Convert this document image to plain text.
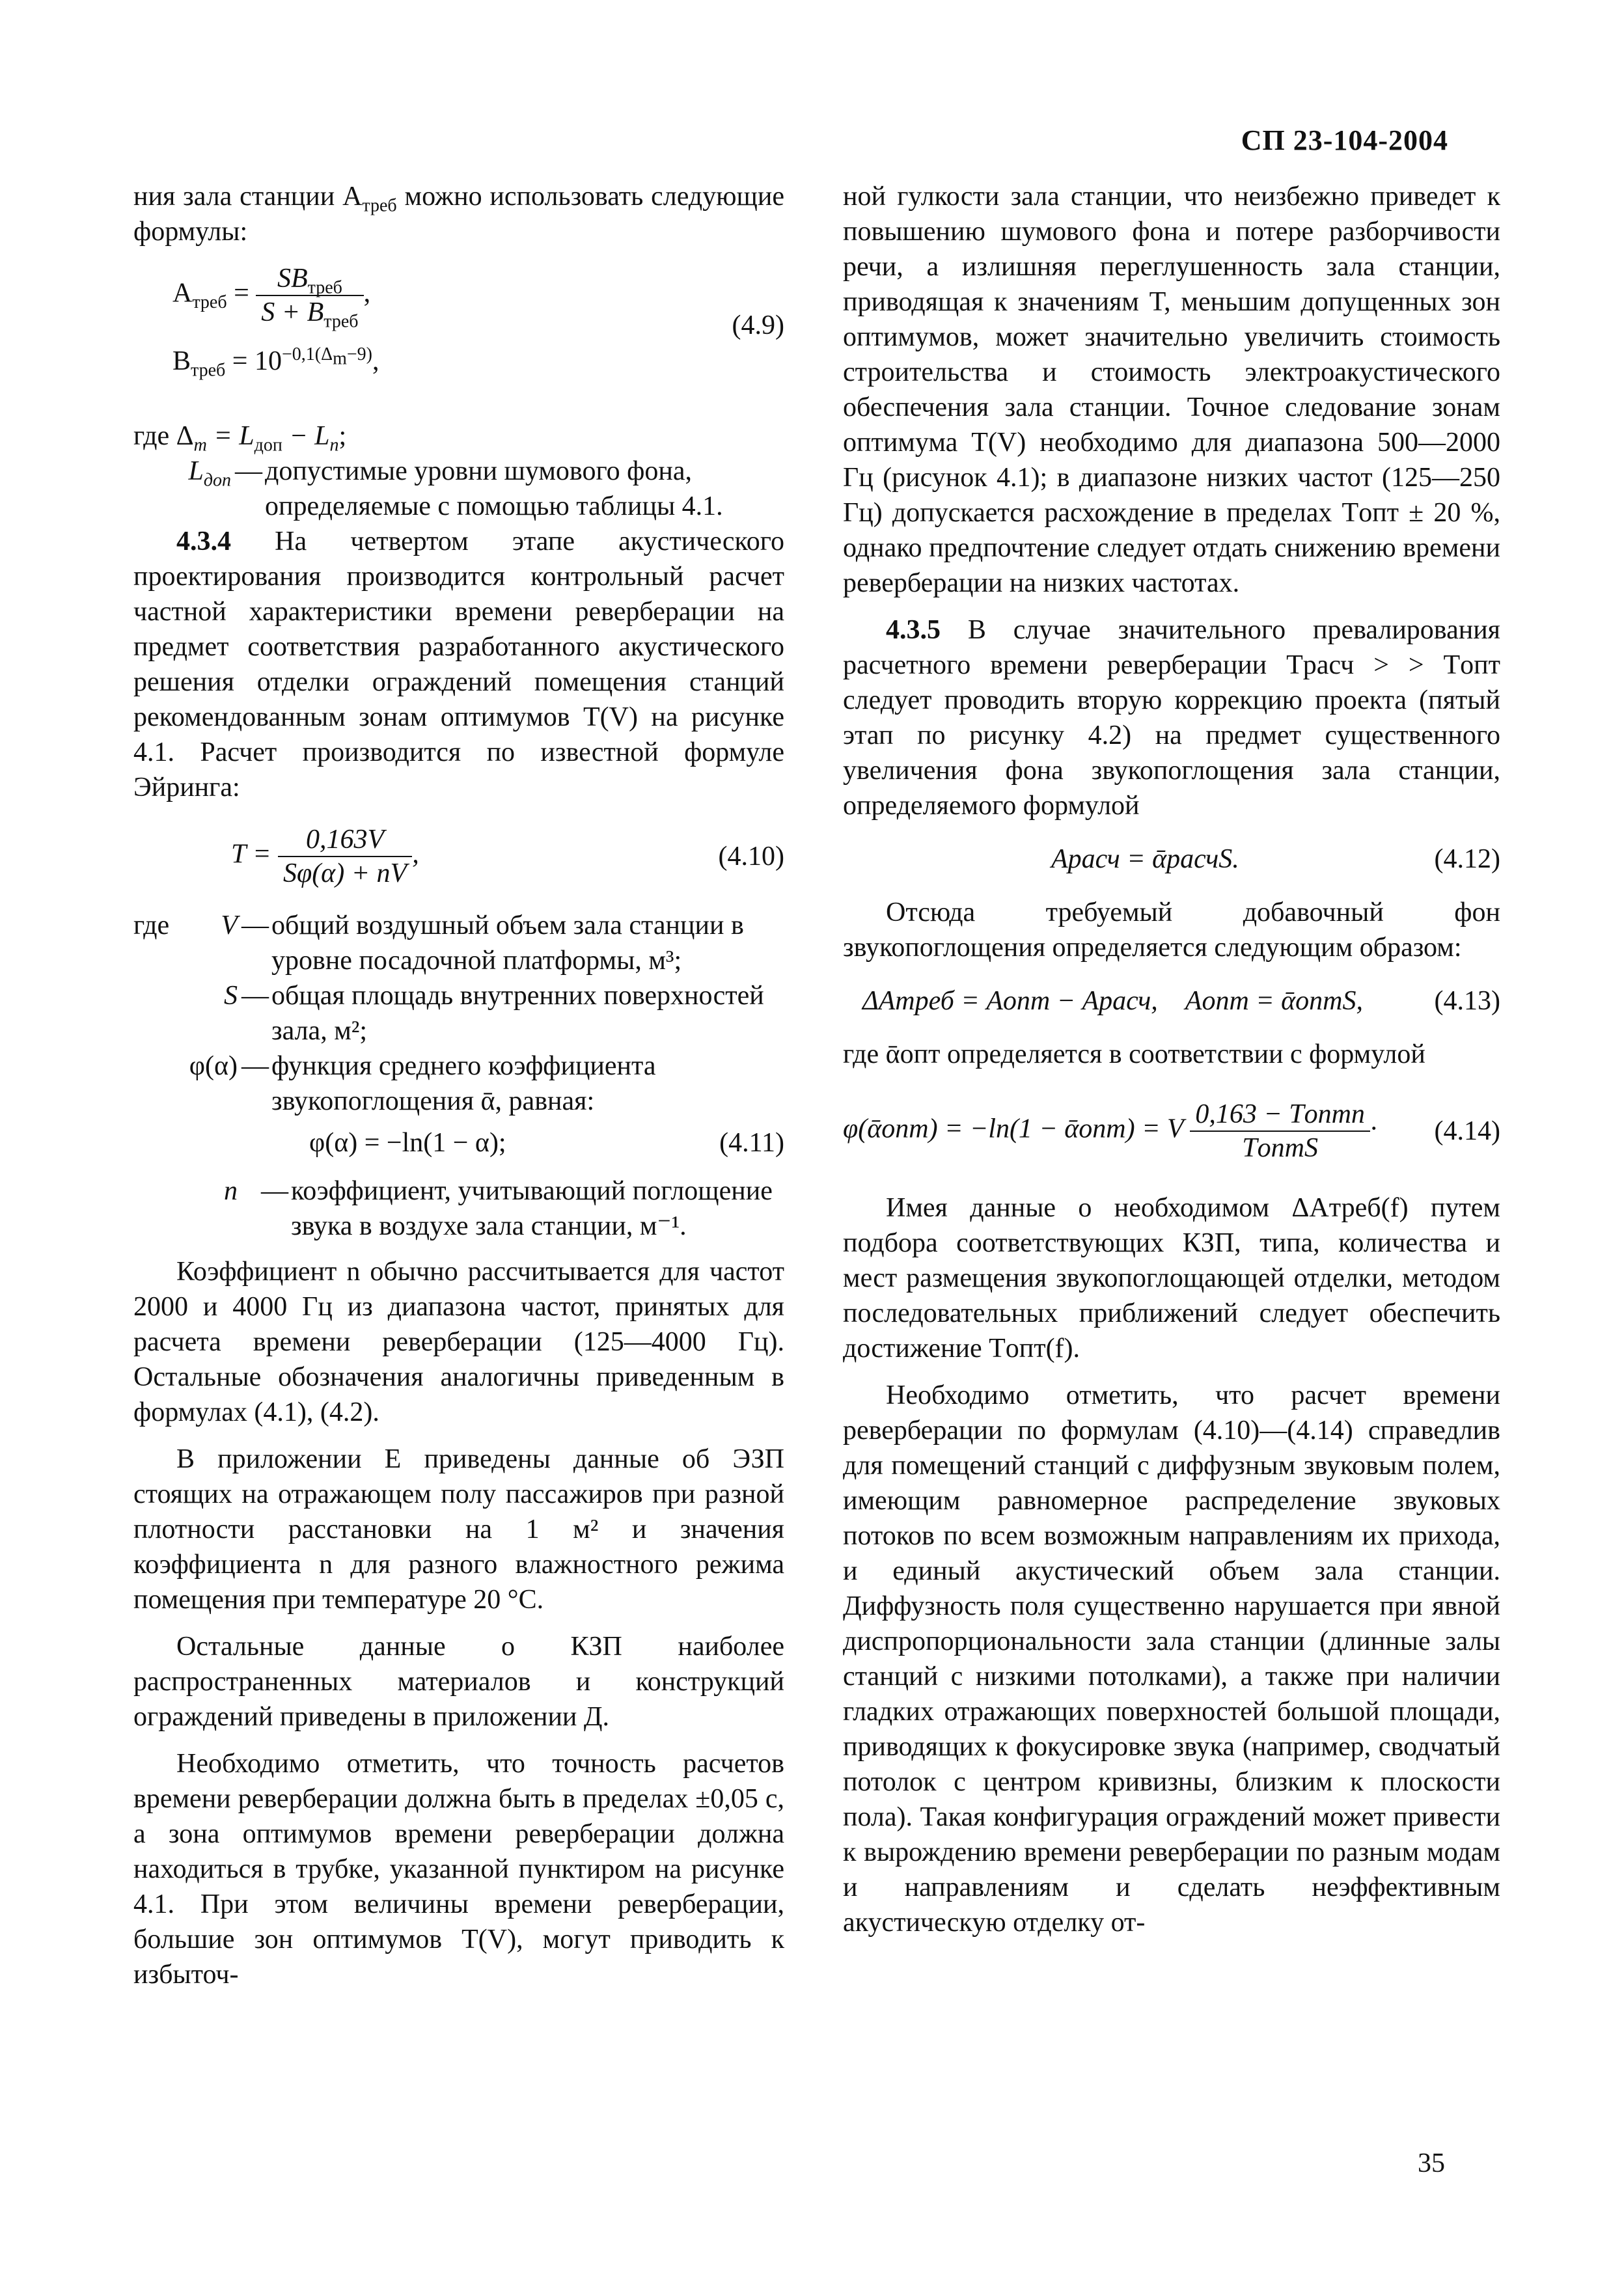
СП 23-104-2004

ния зала станции $А_{треб}$ можно использовать следующие формулы:

$А_{треб} = \frac{SВ_{треб}}{S + В_{треб}}$ ,
$В_{треб} = 10^{-0,1(\Delta_m-9)}$,
(4.9)

где $\Delta_m = L_{доп} - L_n$;

$L_{доп}$ — допустимые уровни шумового фона, определяемые с помощью таблицы 4.1.

4.3.4 На четвертом этапе акустического проектирования производится контрольный расчет частной характеристики времени реверберации на предмет соответствия разработанного акустического решения отделки ограждений помещения станций рекомендованным зонам оптимумов T(V) на рисунке 4.1. Расчет производится по известной формуле Эйринга:

$T = \frac{0,163V}{S\varphi(\alpha) + nV}$ ,	(4.10)
где	V — общий воздушный объем зала станции в уровне посадочной платформы, м³;
S — общая площадь внутренних поверхностей зала, м²;
φ(α) — функция среднего коэффициента звукопоглощения ᾱ, равная:
φ(α) = −ln(1 − α);	(4.11)
n — коэффициент, учитывающий поглощение звука в воздухе зала станции, м⁻¹.

Коэффициент n обычно рассчитывается для частот 2000 и 4000 Гц из диапазона частот, принятых для расчета времени реверберации (125—4000 Гц). Остальные обозначения аналогичны приведенным в формулах (4.1), (4.2).

В приложении Е приведены данные об ЭЗП стоящих на отражающем полу пассажиров при разной плотности расстановки на 1 м² и значения коэффициента n для разного влажностного режима помещения при температуре 20 °С.

Остальные данные о КЗП наиболее распространенных материалов и конструкций ограждений приведены в приложении Д.

Необходимо отметить, что точность расчетов времени реверберации должна быть в пределах ±0,05 с, а зона оптимумов времени реверберации должна находиться в трубке, указанной пунктиром на рисунке 4.1. При этом величины времени реверберации, большие зон оптимумов T(V), могут приводить к избыточ-

ной гулкости зала станции, что неизбежно приведет к повышению шумового фона и потере разборчивости речи, а излишняя переглушенность зала станции, приводящая к значениям T, меньшим допущенных зон оптимумов, может значительно увеличить стоимость строительства и стоимость электроакустического обеспечения зала станции. Точное следование зонам оптимума T(V) необходимо для диапазона 500—2000 Гц (рисунок 4.1); в диапазоне низких частот (125—250 Гц) допускается расхождение в пределах Tопт ± 20 %, однако предпочтение следует отдать снижению времени реверберации на низких частотах.

4.3.5 В случае значительного превалирования расчетного времени реверберации Tрасч > > Tопт следует проводить вторую коррекцию проекта (пятый этап по рисунку 4.2) на предмет существенного увеличения фона звукопоглощения зала станции, определяемого формулой

Aрасч = ᾱрасчS.	(4.12)

Отсюда требуемый добавочный фон звукопоглощения определяется следующим образом:

ΔAтреб = Aопт − Aрасч,    Aопт = ᾱоптS,	(4.13)

где ᾱопт определяется в соответствии с формулой

φ(ᾱопт) = −ln(1 − ᾱопт) = V $\frac{\text{0,163 − Tоптn}}{\text{TоптS}} \cdot (4.14)$

Имея данные о необходимом ΔAтреб(f) путем подбора соответствующих КЗП, типа, количества и мест размещения звукопоглощающей отделки, методом последовательных приближений следует обеспечить достижение Tопт(f).

Необходимо отметить, что расчет времени реверберации по формулам (4.10)—(4.14) справедлив для помещений станций с диффузным звуковым полем, имеющим равномерное распределение звуковых потоков по всем возможным направлениям их прихода, и единый акустический объем зала станции. Диффузность поля существенно нарушается при явной диспропорциональности зала станции (длинные залы станций с низкими потолками), а также при наличии гладких отражающих поверхностей большой площади, приводящих к фокусировке звука (например, сводчатый потолок с центром кривизны, близким к плоскости пола). Такая конфигурация ограждений может привести к вырождению времени реверберации по разным модам и направлениям и сделать неэффективным акустическую отделку от-

35
